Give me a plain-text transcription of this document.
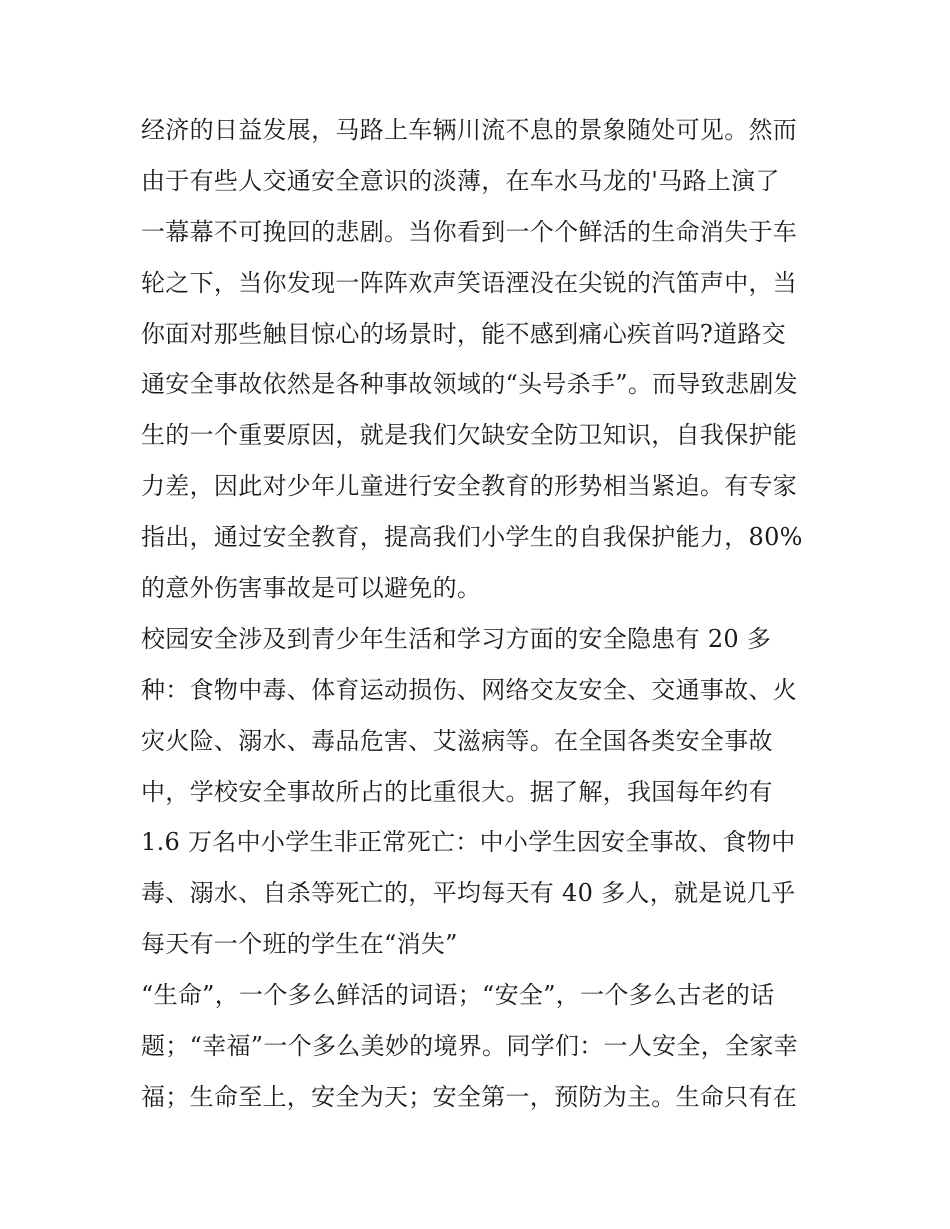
经济的日益发展，马路上车辆川流不息的景象随处可见。然而
由于有些人交通安全意识的淡薄，在车水马龙的'马路上演了
一幕幕不可挽回的悲剧。当你看到一个个鲜活的生命消失于车
轮之下，当你发现一阵阵欢声笑语湮没在尖锐的汽笛声中，当
你面对那些触目惊心的场景时，能不感到痛心疾首吗?道路交
通安全事故依然是各种事故领域的“头号杀手”。而导致悲剧发
生的一个重要原因，就是我们欠缺安全防卫知识，自我保护能
力差，因此对少年儿童进行安全教育的形势相当紧迫。有专家
指出，通过安全教育，提高我们小学生的自我保护能力，80%
的意外伤害事故是可以避免的。
校园安全涉及到青少年生活和学习方面的安全隐患有 20 多
种：食物中毒、体育运动损伤、网络交友安全、交通事故、火
灾火险、溺水、毒品危害、艾滋病等。在全国各类安全事故
中，学校安全事故所占的比重很大。据了解，我国每年约有
1.6 万名中小学生非正常死亡：中小学生因安全事故、食物中
毒、溺水、自杀等死亡的，平均每天有 40 多人，就是说几乎
每天有一个班的学生在“消失”
“生命”，一个多么鲜活的词语；“安全”，一个多么古老的话
题；“幸福”一个多么美妙的境界。同学们：一人安全，全家幸
福；生命至上，安全为天；安全第一，预防为主。生命只有在
